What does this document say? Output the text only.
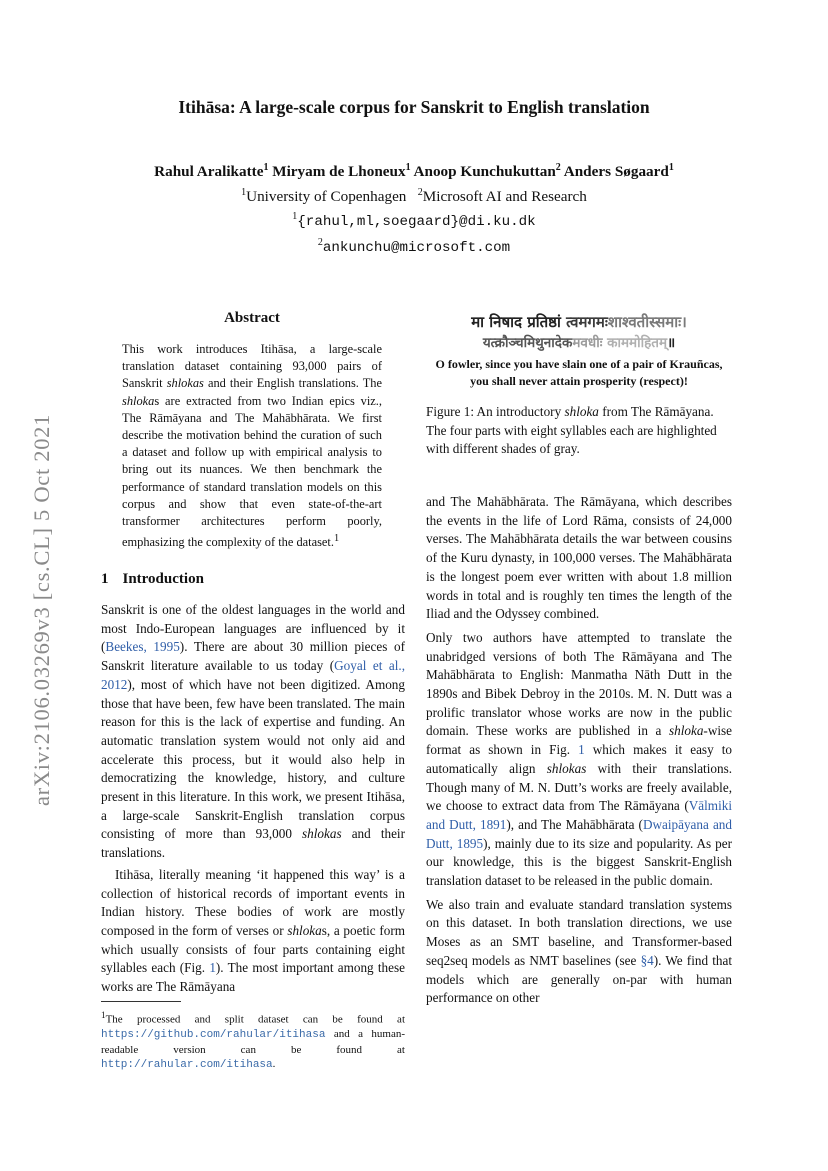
arXiv:2106.03269v3 [cs.CL] 5 Oct 2021
Itihāsa: A large-scale corpus for Sanskrit to English translation
Rahul Aralikatte$^1$ Miryam de Lhoneux$^1$ Anoop Kunchukuttan$^2$ Anders Søgaard$^1$
$^1$University of Copenhagen $^2$Microsoft AI and Research
$^1${rahul,ml,soegaard}@di.ku.dk
$^2$ankunchu@microsoft.com
Abstract
This work introduces Itihāsa, a large-scale translation dataset containing 93,000 pairs of Sanskrit shlokas and their English translations. The shlokas are extracted from two Indian epics viz., The Rāmāyana and The Mahābhārata. We first describe the motivation behind the curation of such a dataset and follow up with empirical analysis to bring out its nuances. We then benchmark the performance of standard translation models on this corpus and show that even state-of-the-art transformer architectures perform poorly, emphasizing the complexity of the dataset.$^1$
1 Introduction

Sanskrit is one of the oldest languages in the world and most Indo-European languages are influenced by it (Beekes, 1995). There are about 30 million pieces of Sanskrit literature available to us today (Goyal et al., 2012), most of which have not been digitized. Among those that have been, few have been translated. The main reason for this is the lack of expertise and funding. An automatic translation system would not only aid and accelerate this process, but it would also help in democratizing the knowledge, history, and culture present in this literature. In this work, we present Itihāsa, a large-scale Sanskrit-English translation corpus consisting of more than 93,000 shlokas and their translations.

Itihāsa, literally meaning ‘it happened this way’ is a collection of historical records of important events in Indian history. These bodies of work are mostly composed in the form of verses or shlokas, a poetic form which usually consists of four parts containing eight syllables each (Fig. 1). The most important among these works are The Rāmāyana

$^1$The processed and split dataset can be found at https://github.com/rahular/itihasa and a human-readable version can be found at http://rahular.com/itihasa.
मा निषाद प्रतिष्ठां त्वमगमःशाश्वतीस्समाः।
यत्क्रौञ्चमिथुनादेकमवधीः काममोहितम्॥
O fowler, since you have slain one of a pair of Krauñcas, you shall never attain prosperity (respect)!
Figure 1: An introductory shloka from The Rāmāyana. The four parts with eight syllables each are highlighted with different shades of gray.

and The Mahābhārata. The Rāmāyana, which describes the events in the life of Lord Rāma, consists of 24,000 verses. The Mahābhārata details the war between cousins of the Kuru dynasty, in 100,000 verses. The Mahābhārata is the longest poem ever written with about 1.8 million words in total and is roughly ten times the length of the Iliad and the Odyssey combined.

Only two authors have attempted to translate the unabridged versions of both The Rāmāyana and The Mahābhārata to English: Manmatha Nāth Dutt in the 1890s and Bibek Debroy in the 2010s. M. N. Dutt was a prolific translator whose works are now in the public domain. These works are published in a shloka-wise format as shown in Fig. 1 which makes it easy to automatically align shlokas with their translations. Though many of M. N. Dutt’s works are freely available, we choose to extract data from The Rāmāyana (Vālmiki and Dutt, 1891), and The Mahābhārata (Dwaipāyana and Dutt, 1895), mainly due to its size and popularity. As per our knowledge, this is the biggest Sanskrit-English translation dataset to be released in the public domain.

We also train and evaluate standard translation systems on this dataset. In both translation directions, we use Moses as an SMT baseline, and Transformer-based seq2seq models as NMT baselines (see §4). We find that models which are generally on-par with human performance on other
